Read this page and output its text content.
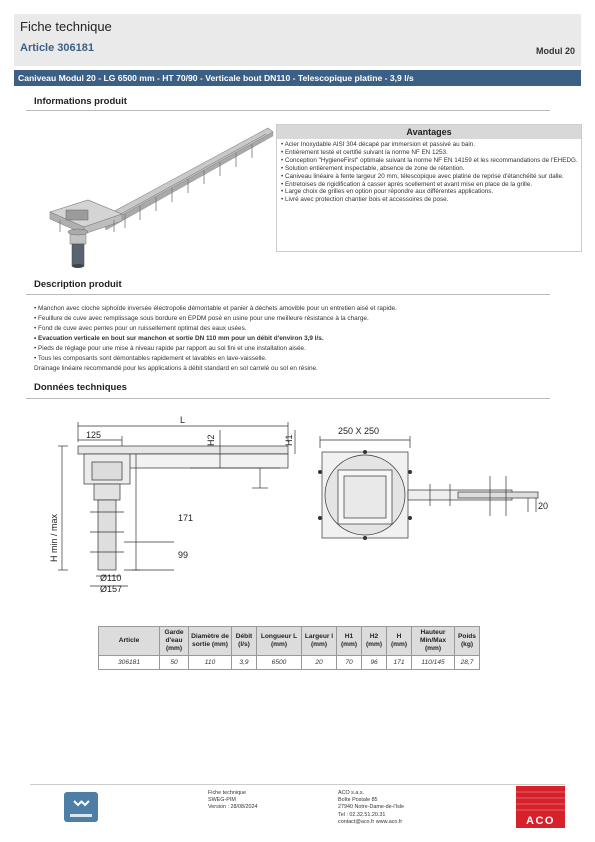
Fiche technique
Article 306181	Modul 20
Caniveau Modul 20 - LG 6500 mm - HT 70/90 - Verticale bout DN110 - Telescopique platine - 3,9 l/s
Informations produit
Avantages
• Acier Inoxydable AISI 304 décapé par immersion et passivé au bain.
• Entièrement testé et certifié suivant la norme NF EN 1253.
• Conception "HygieneFirst" optimale suivant la norme NF EN 14159 et les recommandations de l'EHEDG.
• Solution entièrement inspectable, absence de zone de rétention.
• Caniveau linéaire à fente largeur 20 mm, télescopique avec platine de reprise d'étanchéité sur dalle.
• Entretoises de rigidification à casser après scellement et avant mise en place de la grille.
• Large choix de grilles en option pour répondre aux différentes applications.
• Livré avec protection chantier bois et accessoires de pose.
Description produit
• Manchon avec cloche siphoïde inversée électropolie démontable et panier à déchets amovible pour un entretien aisé et rapide.
• Feuillure de cuve avec remplissage sous bordure en EPDM posé en usine pour une meilleure résistance à la charge.
• Fond de cuve avec pentes pour un ruissellement optimal des eaux usées.
• Evacuation verticale en bout sur manchon et sortie DN 110 mm pour un débit d'environ 3,9 l/s.
• Pieds de réglage pour une mise à niveau rapide par rapport au sol fini et une installation aisée.
• Tous les composants sont démontables rapidement et lavables en lave-vaisselle.
Drainage linéaire recommandé pour les applications à débit standard en sol carrelé ou sol en résine.
Données techniques
L
125	H2	H1
H min / max	171
99
Ø110
Ø157
250 X 250
20
Article	Garde d'eau (mm)	Diamètre de sortie (mm)	Débit (l/s)	Longueur L (mm)	Largeur l (mm)	H1 (mm)	H2 (mm)	H (mm)	Hauteur Min/Max (mm)	Poids (kg)
306181	50	110	3,9	6500	20	70	96	171	110/145	28,7
Fiche technique
SWEG-PIM
Version : 28/08/2024
ACO s.a.s.
Boîte Postale 85
27940 Notre-Dame-de-l'Isle
Tel : 02.32.51.20.31
contact@aco.fr www.aco.fr	ACO
